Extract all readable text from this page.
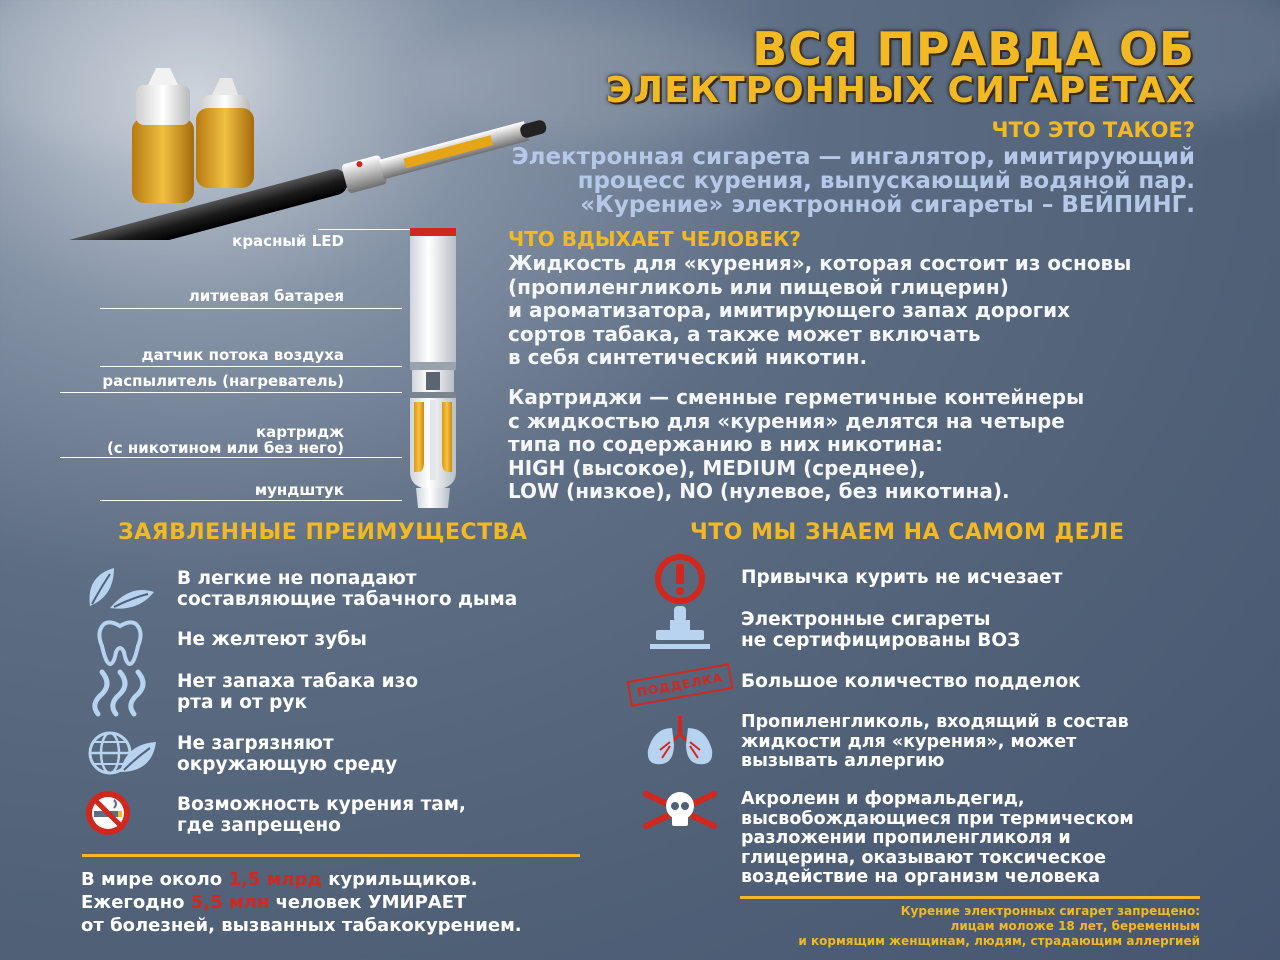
ВСЯ ПРАВДА ОБ
ЭЛЕКТРОННЫХ СИГАРЕТАХ
ЧТО ЭТО ТАКОЕ?
Электронная сигарета — ингалятор, имитирующий
процесс курения, выпускающий водяной пар.
«Курение» электронной сигареты – ВЕЙПИНГ.
красный LED
литиевая батарея
датчик потока воздуха
распылитель (нагреватель)
картридж
(с никотином или без него)
мундштук
ЧТО ВДЫХАЕТ ЧЕЛОВЕК?
Жидкость для «курения», которая состоит из основы
(пропиленгликоль или пищевой глицерин)
и ароматизатора, имитирующего запах дорогих
сортов табака, а также может включать
в себя синтетический никотин.
Картриджи — сменные герметичные контейнеры
с жидкостью для «курения» делятся на четыре
типа по содержанию в них никотина:
HIGH (высокое), MEDIUM (среднее),
LOW (низкое), NO (нулевое, без никотина).
ЗАЯВЛЕННЫЕ ПРЕИМУЩЕСТВА	ЧТО МЫ ЗНАЕМ НА САМОМ ДЕЛЕ
В легкие не попадают
составляющие табачного дыма
Не желтеют зубы
Нет запаха табака изо
рта и от рук
Не загрязняют
окружающую среду
Возможность курения там,
где запрещено
Привычка курить не исчезает
Электронные сигареты
не сертифицированы ВОЗ
ПОДДЕЛКА Большое количество подделок
Пропиленгликоль, входящий в состав
жидкости для «курения», может
вызывать аллергию
Акролеин и формальдегид,
высвобождающиеся при термическом
разложении пропиленгликоля и
глицерина, оказывают токсическое
воздействие на организм человека
В мире около 1,5 млрд курильщиков.
Ежегодно 5,5 млн человек УМИРАЕТ
от болезней, вызванных табакокурением.
Курение электронных сигарет запрещено:
лицам моложе 18 лет, беременным
и кормящим женщинам, людям, страдающим аллергией
